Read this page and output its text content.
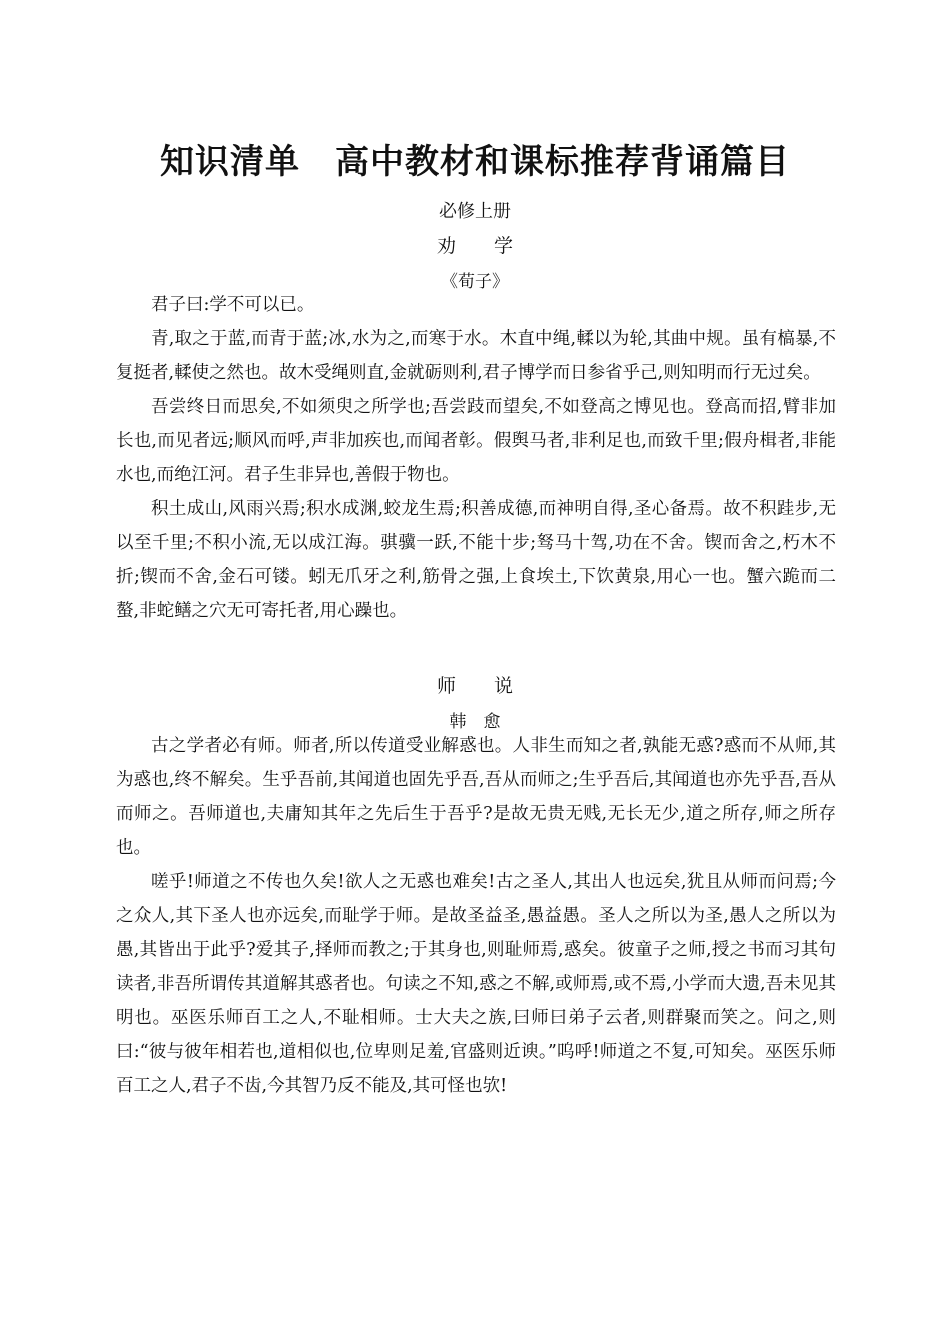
知识清单　高中教材和课标推荐背诵篇目
必修上册
劝　　学
《荀子》

君子曰:学不可以已。

青,取之于蓝,而青于蓝;冰,水为之,而寒于水。木直中绳,輮以为轮,其曲中规。虽有槁暴,不复挺者,輮使之然也。故木受绳则直,金就砺则利,君子博学而日参省乎己,则知明而行无过矣。

吾尝终日而思矣,不如须臾之所学也;吾尝跂而望矣,不如登高之博见也。登高而招,臂非加长也,而见者远;顺风而呼,声非加疾也,而闻者彰。假舆马者,非利足也,而致千里;假舟楫者,非能水也,而绝江河。君子生非异也,善假于物也。

积土成山,风雨兴焉;积水成渊,蛟龙生焉;积善成德,而神明自得,圣心备焉。故不积跬步,无以至千里;不积小流,无以成江海。骐骥一跃,不能十步;驽马十驾,功在不舍。锲而舍之,朽木不折;锲而不舍,金石可镂。蚓无爪牙之利,筋骨之强,上食埃土,下饮黄泉,用心一也。蟹六跪而二螯,非蛇鳝之穴无可寄托者,用心躁也。

师　　说
韩　愈

古之学者必有师。师者,所以传道受业解惑也。人非生而知之者,孰能无惑?惑而不从师,其为惑也,终不解矣。生乎吾前,其闻道也固先乎吾,吾从而师之;生乎吾后,其闻道也亦先乎吾,吾从而师之。吾师道也,夫庸知其年之先后生于吾乎?是故无贵无贱,无长无少,道之所存,师之所存也。

嗟乎!师道之不传也久矣!欲人之无惑也难矣!古之圣人,其出人也远矣,犹且从师而问焉;今之众人,其下圣人也亦远矣,而耻学于师。是故圣益圣,愚益愚。圣人之所以为圣,愚人之所以为愚,其皆出于此乎?爱其子,择师而教之;于其身也,则耻师焉,惑矣。彼童子之师,授之书而习其句读者,非吾所谓传其道解其惑者也。句读之不知,惑之不解,或师焉,或不焉,小学而大遗,吾未见其明也。巫医乐师百工之人,不耻相师。士大夫之族,曰师曰弟子云者,则群聚而笑之。问之,则曰:“彼与彼年相若也,道相似也,位卑则足羞,官盛则近谀。”呜呼!师道之不复,可知矣。巫医乐师百工之人,君子不齿,今其智乃反不能及,其可怪也欤!
